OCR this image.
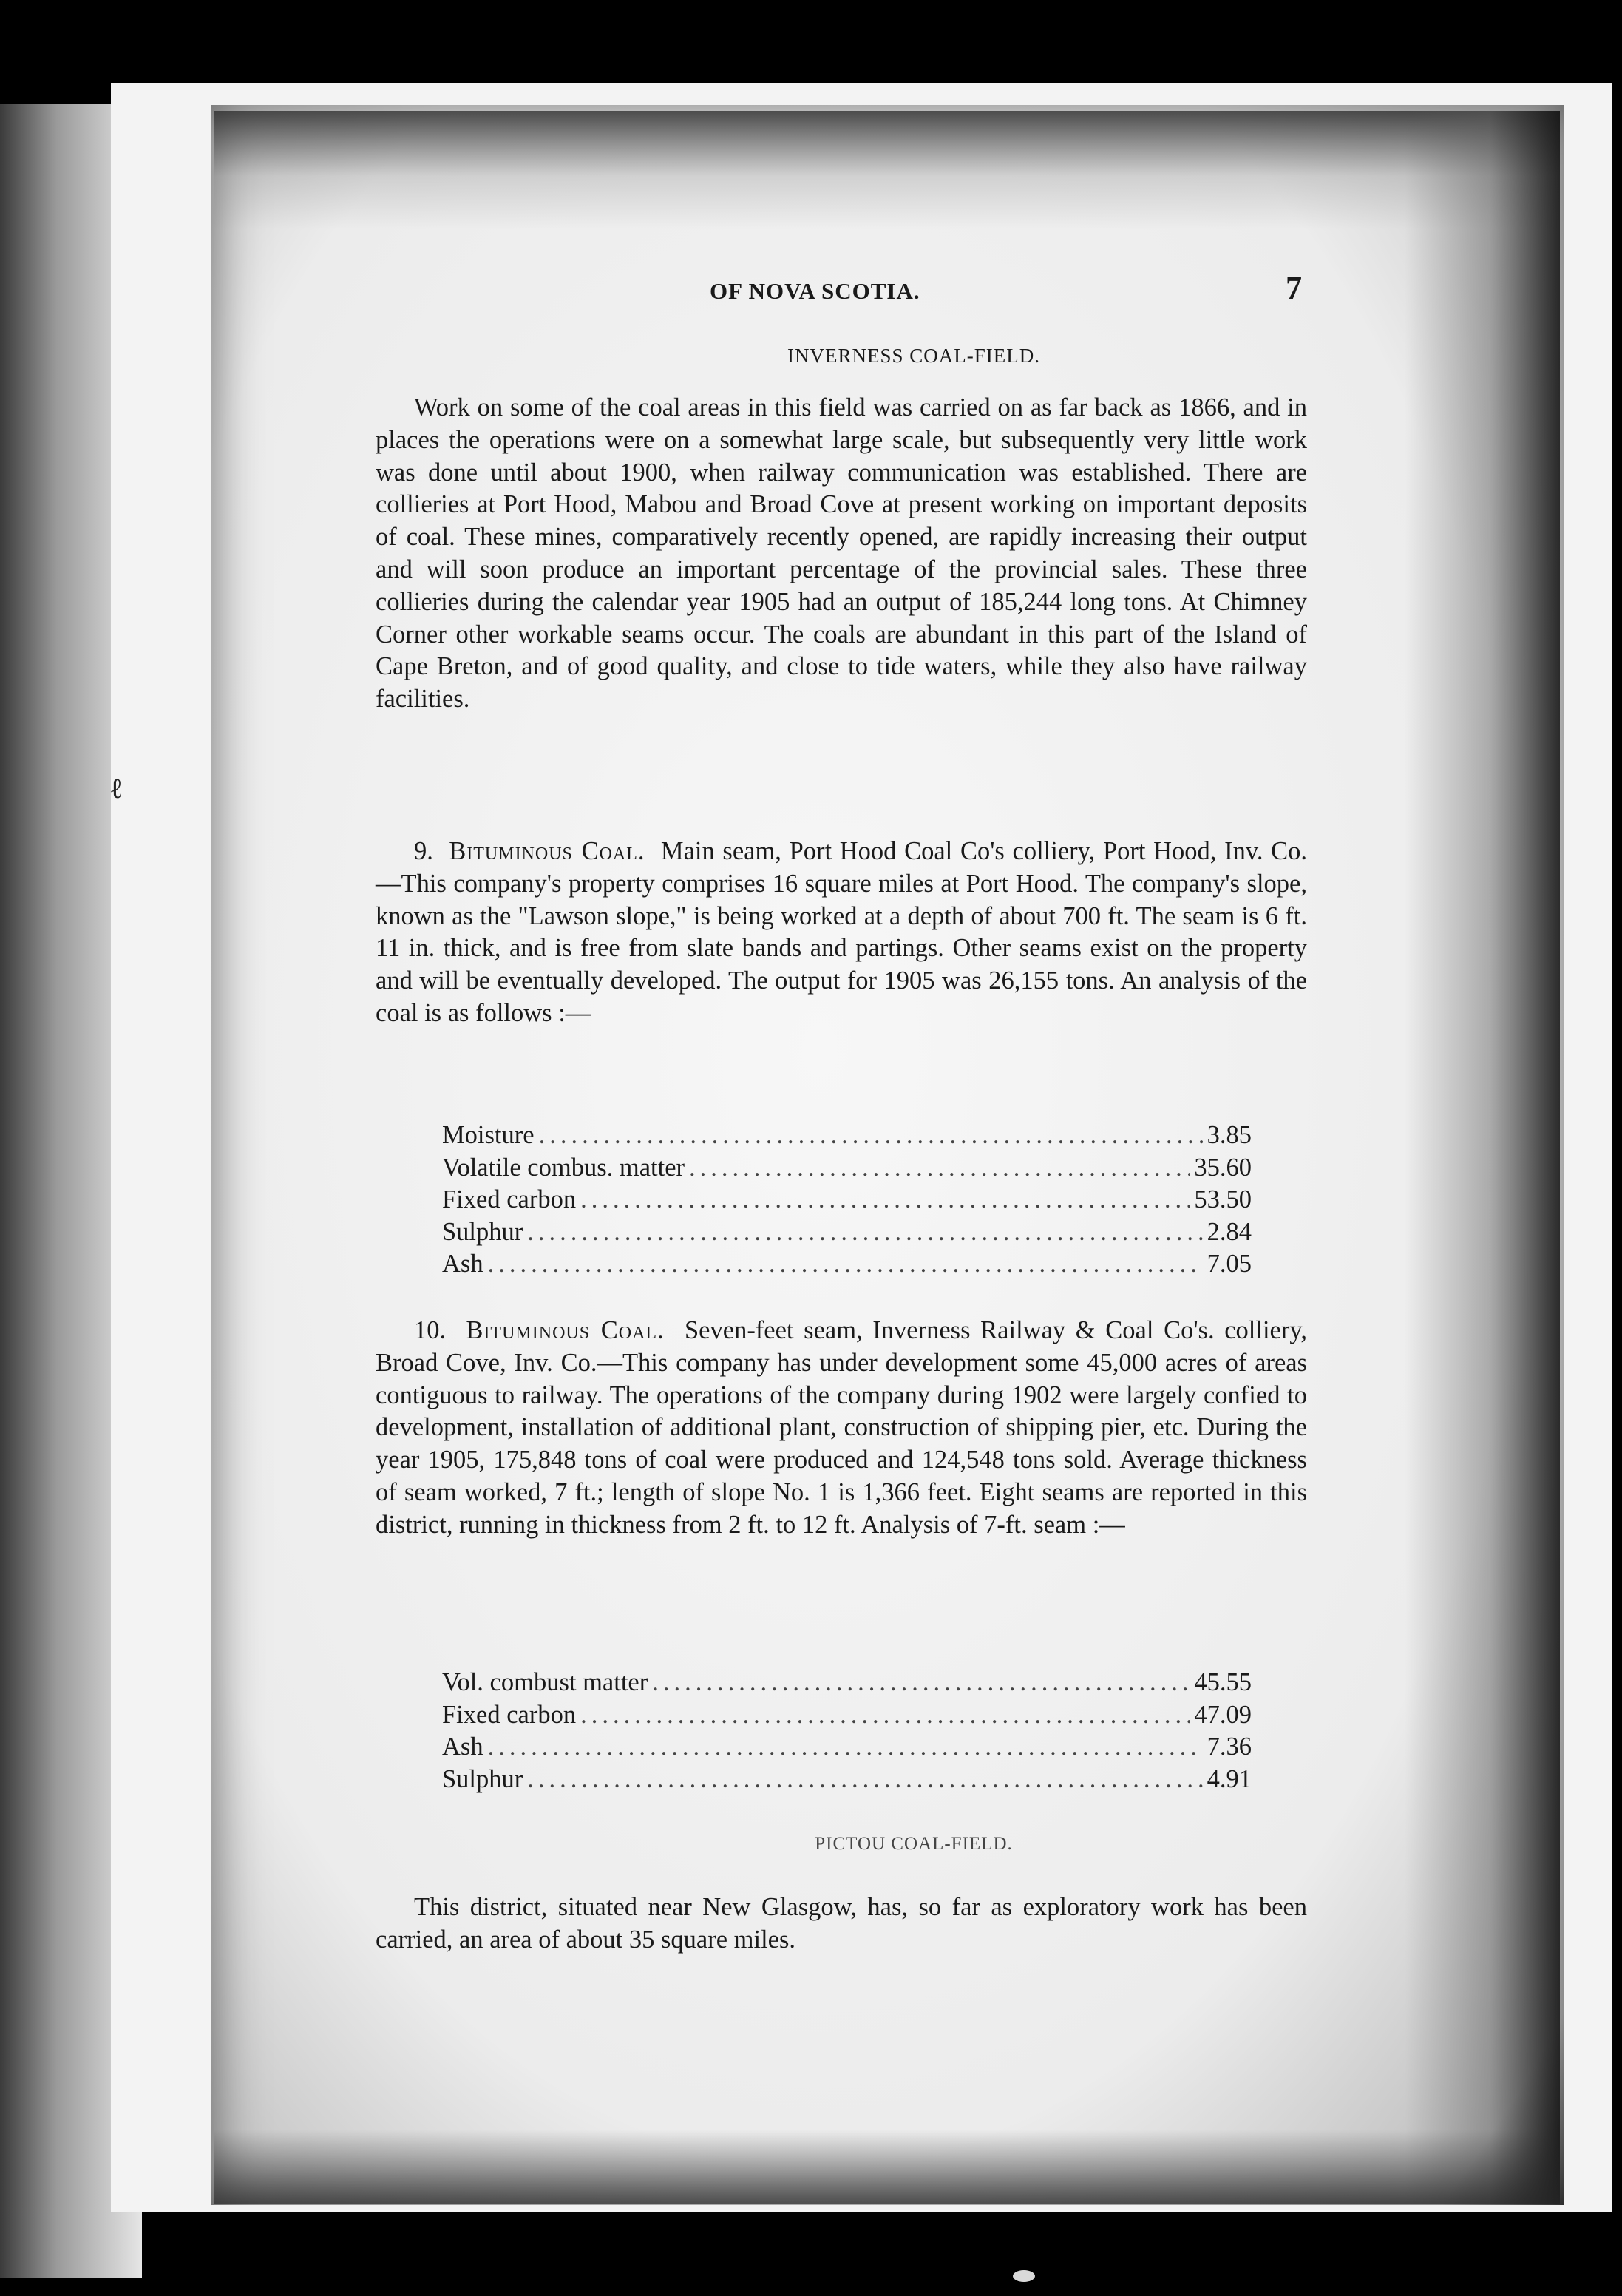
ℓ
OF NOVA SCOTIA.	7
INVERNESS COAL-FIELD.

Work on some of the coal areas in this field was carried on as far back as 1866, and in places the operations were on a somewhat large scale, but subsequently very little work was done until about 1900, when railway communication was established. There are collieries at Port Hood, Mabou and Broad Cove at present working on important deposits of coal. These mines, comparatively recently opened, are rapidly increasing their output and will soon produce an important percentage of the provincial sales. These three collieries during the calendar year 1905 had an output of 185,244 long tons. At Chimney Corner other workable seams occur. The coals are abundant in this part of the Island of Cape Breton, and of good quality, and close to tide waters, while they also have railway facilities.

9. Bituminous Coal. Main seam, Port Hood Coal Co's colliery, Port Hood, Inv. Co.—This company's property comprises 16 square miles at Port Hood. The company's slope, known as the "Lawson slope," is being worked at a depth of about 700 ft. The seam is 6 ft. 11 in. thick, and is free from slate bands and partings. Other seams exist on the property and will be eventually developed. The output for 1905 was 26,155 tons. An analysis of the coal is as follows :—

Moisture .....	3.85
Volatile combus. matter .....	35.60
Fixed carbon .....	53.50
Sulphur .....	2.84
Ash .....	7.05

10. Bituminous Coal. Seven-feet seam, Inverness Railway & Coal Co's. colliery, Broad Cove, Inv. Co.—This company has under development some 45,000 acres of areas contiguous to railway. The operations of the company during 1902 were largely confied to development, installation of additional plant, construction of shipping pier, etc. During the year 1905, 175,848 tons of coal were produced and 124,548 tons sold. Average thickness of seam worked, 7 ft.; length of slope No. 1 is 1,366 feet. Eight seams are reported in this district, running in thickness from 2 ft. to 12 ft. Analysis of 7-ft. seam :—

Vol. combust matter .....	45.55
Fixed carbon .....	47.09
Ash .....	7.36
Sulphur .....	4.91
PICTOU COAL-FIELD.

This district, situated near New Glasgow, has, so far as exploratory work has been carried, an area of about 35 square miles.
